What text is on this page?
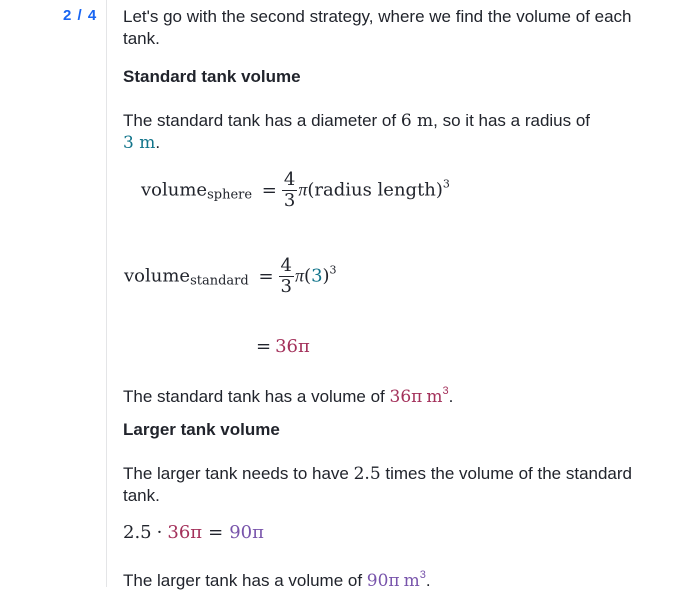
2 / 4 Let's go with the second strategy, where we find the volume of each tank.
Standard tank volume
The standard tank has a diameter of 6 m, so it has a radius of
3 m.
volume$_{sphere}$ = $\frac{4}{3}$ π(radius length)$^3$
volume$_{standard}$ = $\frac{4}{3} \pi(3)^3$
= 36π
The standard tank has a volume of 36π $m^3$.
Larger tank volume
The larger tank needs to have 2.5 times the volume of the standard tank.
2.5 · 36π = 90π
The larger tank has a volume of 90π $m^3$.
